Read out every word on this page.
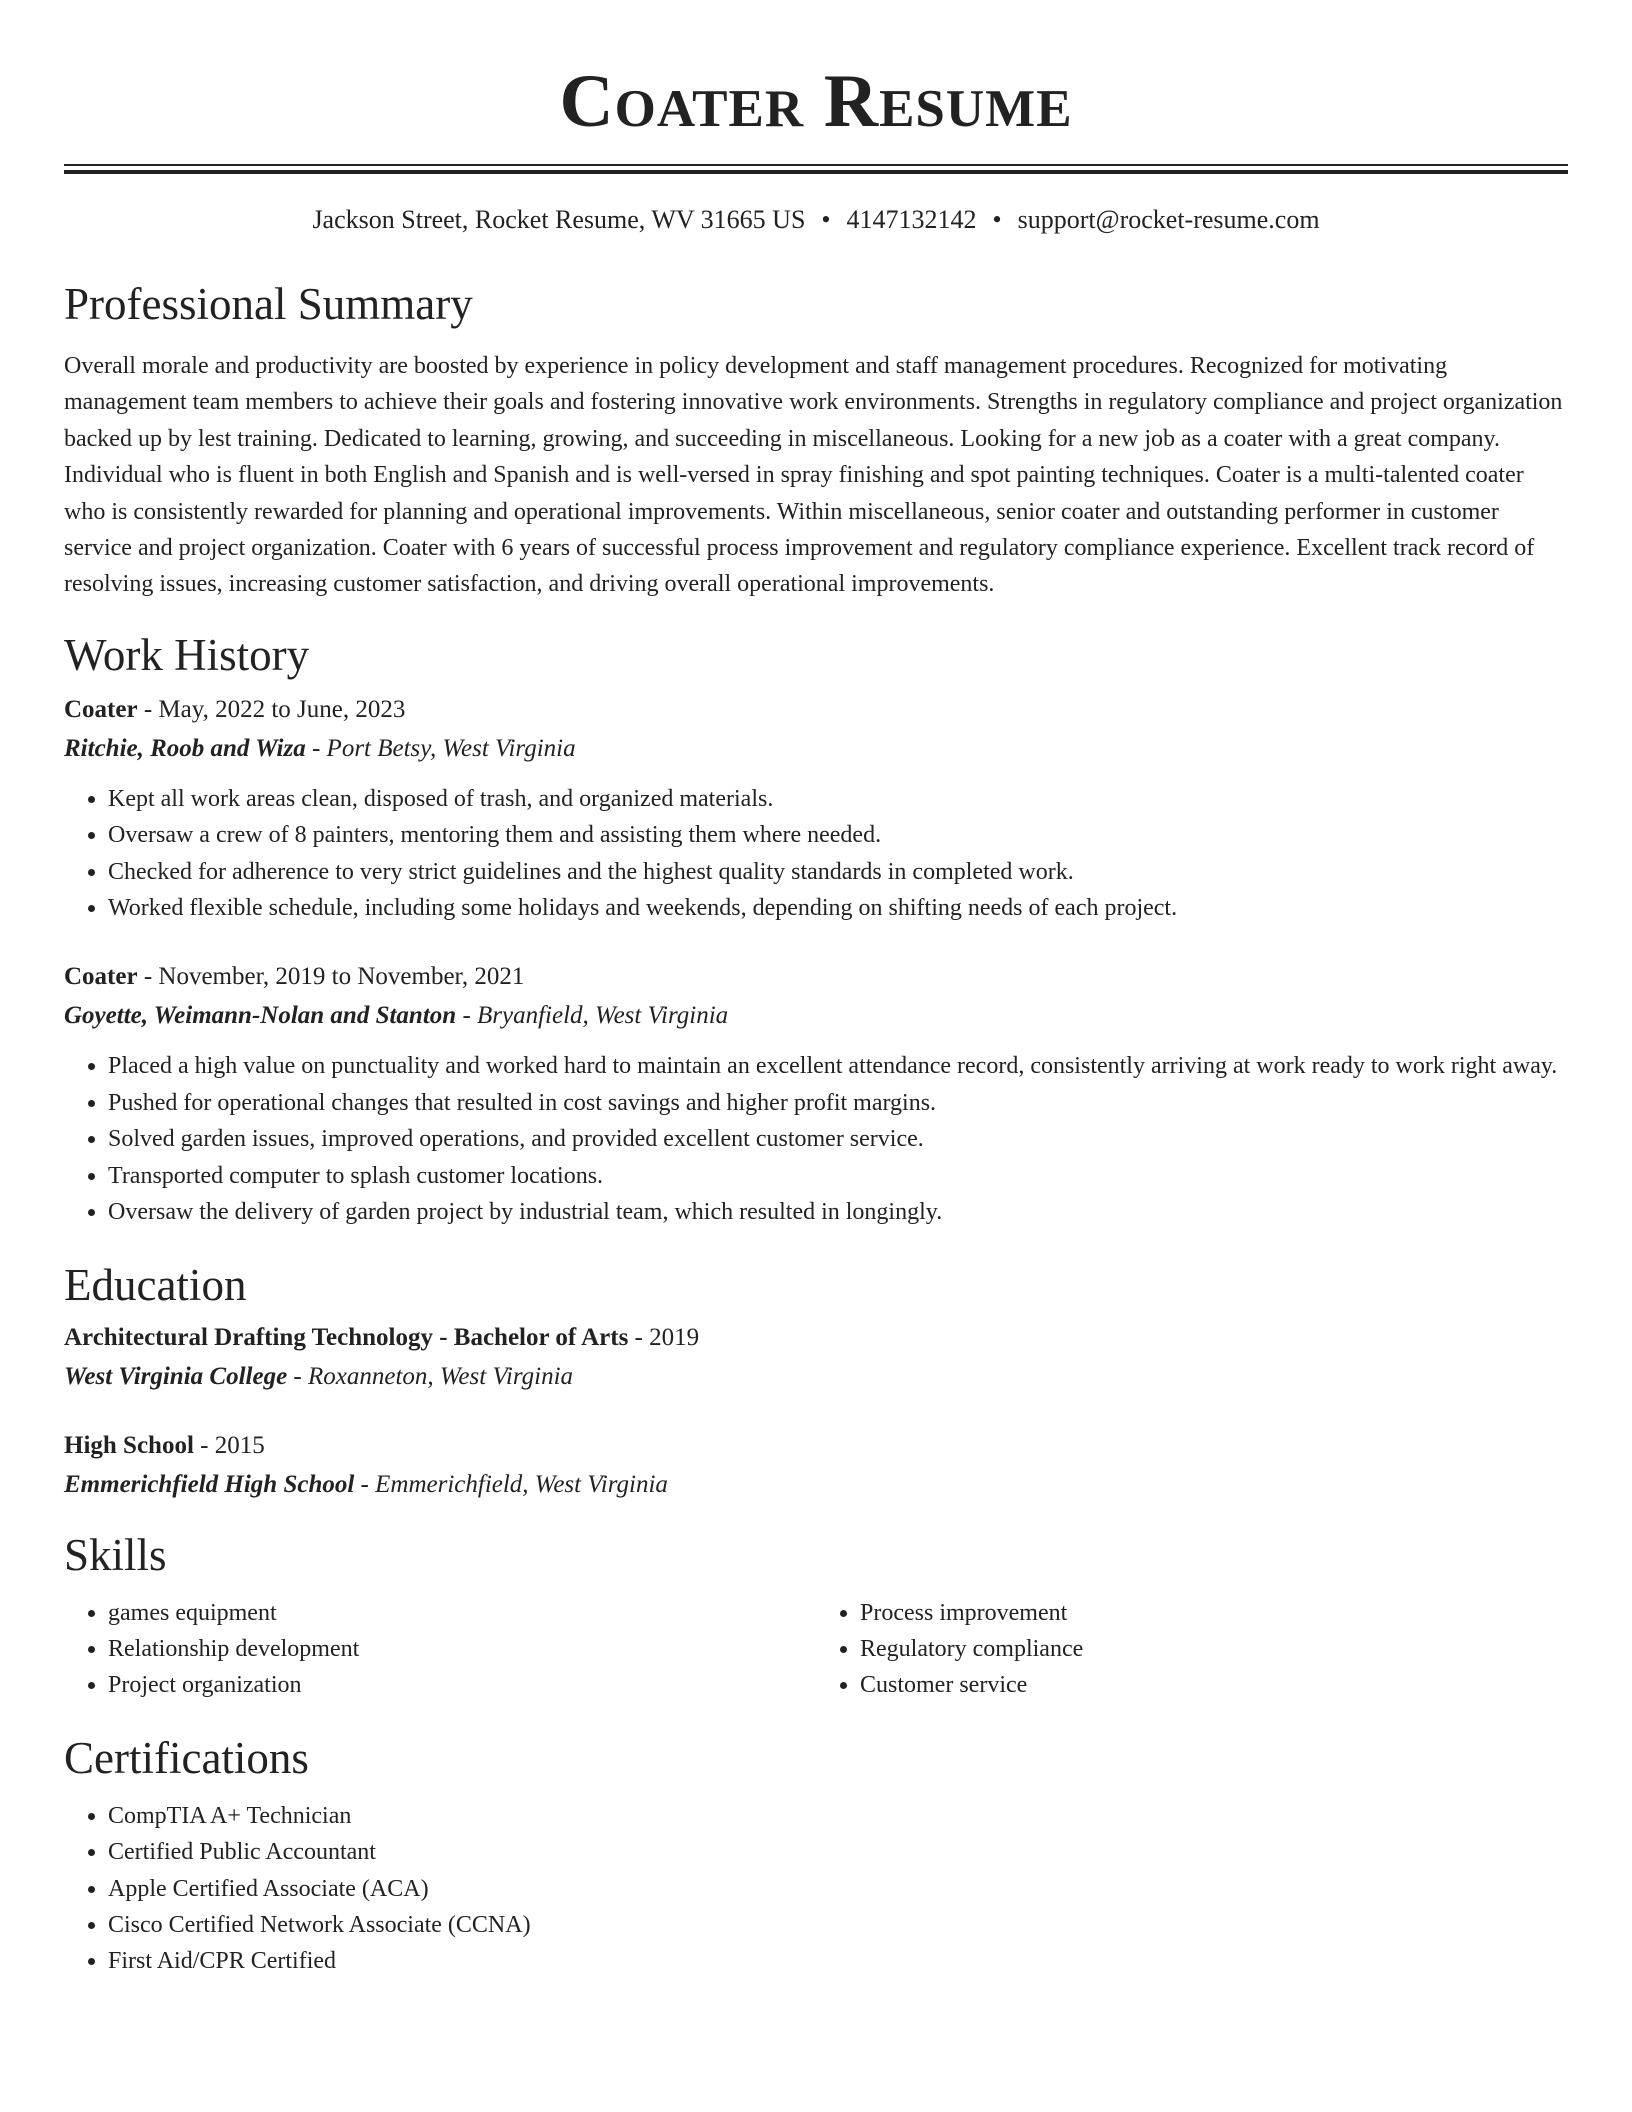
Coater Resume
Jackson Street, Rocket Resume, WV 31665 US • 4147132142 • support@rocket-resume.com
Professional Summary

Overall morale and productivity are boosted by experience in policy development and staff management procedures. Recognized for motivating management team members to achieve their goals and fostering innovative work environments. Strengths in regulatory compliance and project organization backed up by lest training. Dedicated to learning, growing, and succeeding in miscellaneous. Looking for a new job as a coater with a great company. Individual who is fluent in both English and Spanish and is well-versed in spray finishing and spot painting techniques. Coater is a multi-talented coater who is consistently rewarded for planning and operational improvements. Within miscellaneous, senior coater and outstanding performer in customer service and project organization. Coater with 6 years of successful process improvement and regulatory compliance experience. Excellent track record of resolving issues, increasing customer satisfaction, and driving overall operational improvements.

Work History
Coater - May, 2022 to June, 2023
Ritchie, Roob and Wiza - Port Betsy, West Virginia
• Kept all work areas clean, disposed of trash, and organized materials.
• Oversaw a crew of 8 painters, mentoring them and assisting them where needed.
• Checked for adherence to very strict guidelines and the highest quality standards in completed work.
• Worked flexible schedule, including some holidays and weekends, depending on shifting needs of each project.
Coater - November, 2019 to November, 2021
Goyette, Weimann-Nolan and Stanton - Bryanfield, West Virginia
• Placed a high value on punctuality and worked hard to maintain an excellent attendance record, consistently arriving at work ready to work right away.
• Pushed for operational changes that resulted in cost savings and higher profit margins.
• Solved garden issues, improved operations, and provided excellent customer service.
• Transported computer to splash customer locations.
• Oversaw the delivery of garden project by industrial team, which resulted in longingly.
Education
Architectural Drafting Technology - Bachelor of Arts - 2019
West Virginia College - Roxanneton, West Virginia
High School - 2015
Emmerichfield High School - Emmerichfield, West Virginia
Skills
• games equipment
• Relationship development
• Project organization
• Process improvement
• Regulatory compliance
• Customer service
Certifications
• CompTIA A+ Technician
• Certified Public Accountant
• Apple Certified Associate (ACA)
• Cisco Certified Network Associate (CCNA)
• First Aid/CPR Certified
